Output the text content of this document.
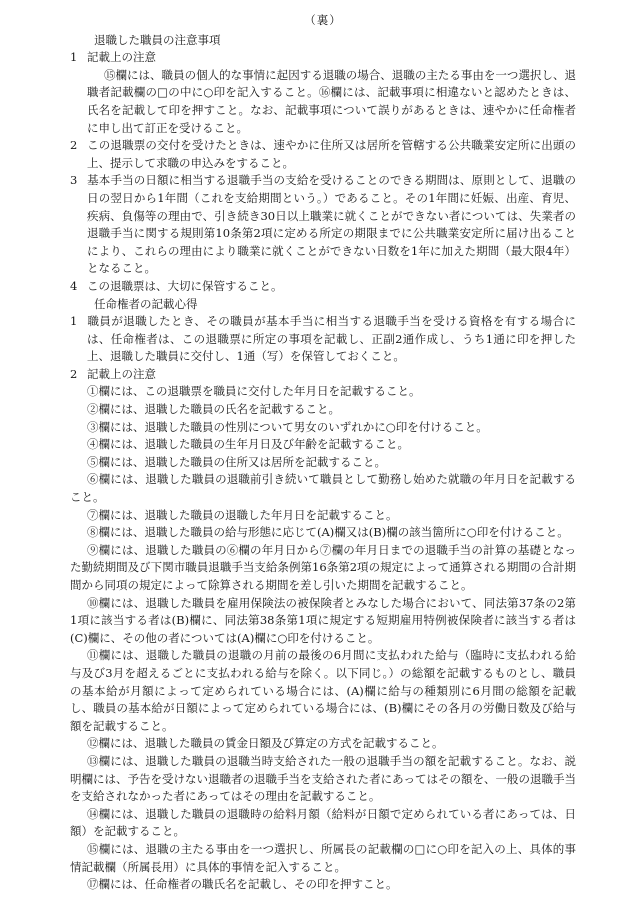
（裏）

退職した職員の注意事項

1 記載上の注意

⑮欄には、職員の個人的な事情に起因する退職の場合、退職の主たる事由を一つ選択し、退職者記載欄の□の中に○印を記入すること。⑯欄には、記載事項に相違ないと認めたときは、氏名を記載して印を押すこと。なお、記載事項について誤りがあるときは、速やかに任命権者に申し出て訂正を受けること。

2 この退職票の交付を受けたときは、速やかに住所又は居所を管轄する公共職業安定所に出頭の上、提示して求職の申込みをすること。

3 基本手当の日額に相当する退職手当の支給を受けることのできる期間は、原則として、退職の日の翌日から1年間（これを支給期間という。）であること。その1年間に妊娠、出産、育児、疾病、負傷等の理由で、引き続き30日以上職業に就くことができない者については、失業者の退職手当に関する規則第10条第2項に定める所定の期限までに公共職業安定所に届け出ることにより、これらの理由により職業に就くことができない日数を1年に加えた期間（最大限4年）となること。

4 この退職票は、大切に保管すること。

任命権者の記載心得

1 職員が退職したとき、その職員が基本手当に相当する退職手当を受ける資格を有する場合には、任命権者は、この退職票に所定の事項を記載し、正副2通作成し、うち1通に印を押した上、退職した職員に交付し、1通（写）を保管しておくこと。

2 記載上の注意

①欄には、この退職票を職員に交付した年月日を記載すること。

②欄には、退職した職員の氏名を記載すること。

③欄には、退職した職員の性別について男女のいずれかに○印を付けること。

④欄には、退職した職員の生年月日及び年齢を記載すること。

⑤欄には、退職した職員の住所又は居所を記載すること。

⑥欄には、退職した職員の退職前引き続いて職員として勤務し始めた就職の年月日を記載すること。

⑦欄には、退職した職員の退職した年月日を記載すること。

⑧欄には、退職した職員の給与形態に応じて(A)欄又は(B)欄の該当箇所に○印を付けること。

⑨欄には、退職した職員の⑥欄の年月日から⑦欄の年月日までの退職手当の計算の基礎となった勤続期間及び下関市職員退職手当支給条例第16条第2項の規定によって通算される期間の合計期間から同項の規定によって除算される期間を差し引いた期間を記載すること。

⑩欄には、退職した職員を雇用保険法の被保険者とみなした場合において、同法第37条の2第1項に該当する者は(B)欄に、同法第38条第1項に規定する短期雇用特例被保険者に該当する者は(C)欄に、その他の者については(A)欄に○印を付けること。

⑪欄には、退職した職員の退職の月前の最後の6月間に支払われた給与（臨時に支払われる給与及び3月を超えるごとに支払われる給与を除く。以下同じ。）の総額を記載するものとし、職員の基本給が月額によって定められている場合には、(A)欄に給与の種類別に6月間の総額を記載し、職員の基本給が日額によって定められている場合には、(B)欄にその各月の労働日数及び給与額を記載すること。

⑫欄には、退職した職員の賃金日額及び算定の方式を記載すること。

⑬欄には、退職した職員の退職当時支給された一般の退職手当の額を記載すること。なお、説明欄には、予告を受けない退職者の退職手当を支給された者にあってはその額を、一般の退職手当を支給されなかった者にあってはその理由を記載すること。

⑭欄には、退職した職員の退職時の給料月額（給料が日額で定められている者にあっては、日額）を記載すること。

⑮欄には、退職の主たる事由を一つ選択し、所属長の記載欄の□に○印を記入の上、具体的事情記載欄（所属長用）に具体的事情を記入すること。

⑰欄には、任命権者の職氏名を記載し、その印を押すこと。
